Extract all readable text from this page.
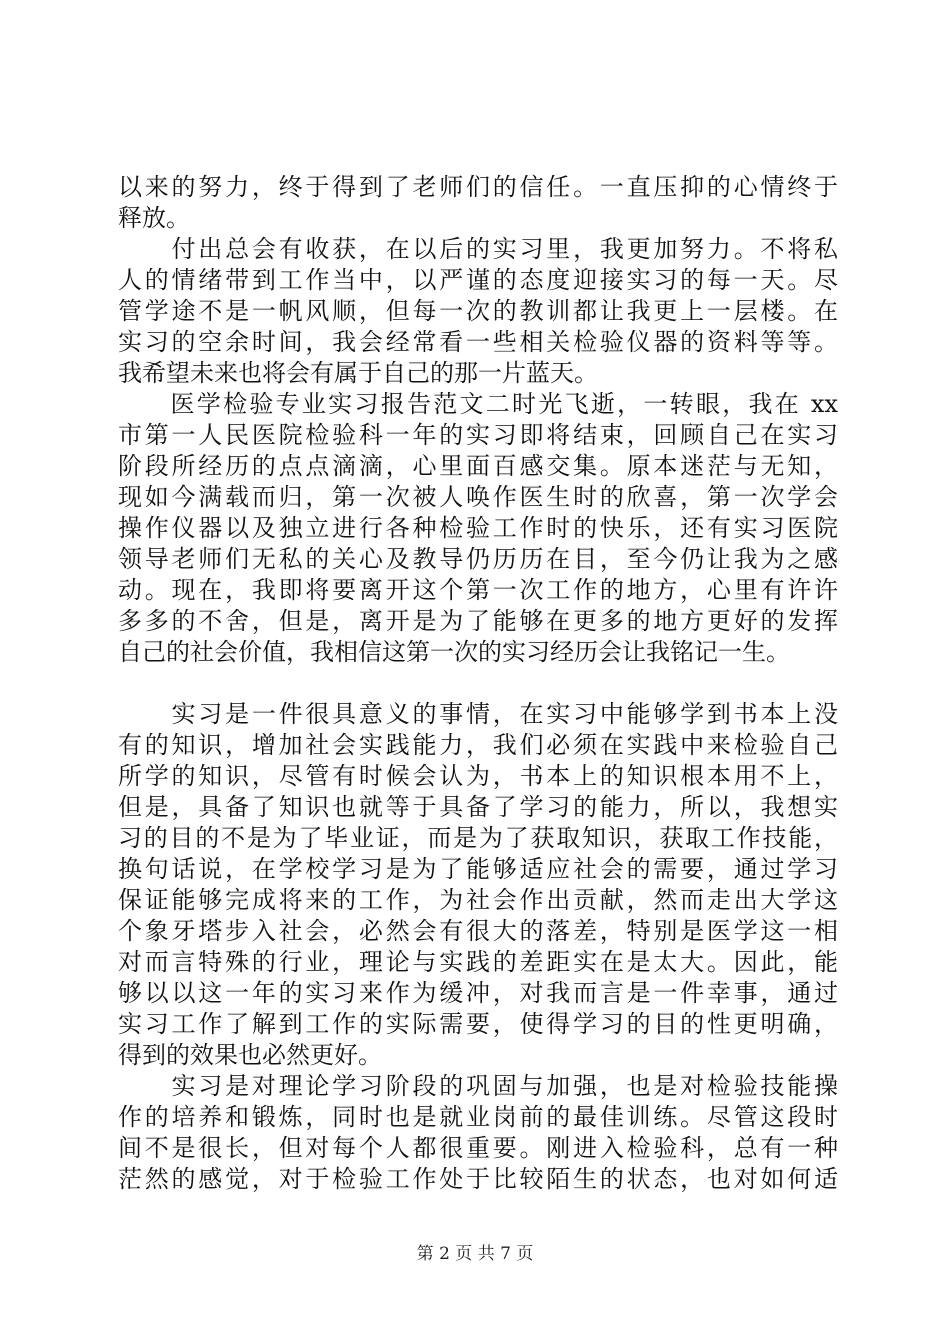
以来的努力，终于得到了老师们的信任。一直压抑的心情终于
释放。
　　付出总会有收获，在以后的实习里，我更加努力。不将私
人的情绪带到工作当中，以严谨的态度迎接实习的每一天。尽
管学途不是一帆风顺，但每一次的教训都让我更上一层楼。在
实习的空余时间，我会经常看一些相关检验仪器的资料等等。
我希望未来也将会有属于自己的那一片蓝天。
　　医学检验专业实习报告范文二时光飞逝，一转眼，我在 xx
市第一人民医院检验科一年的实习即将结束，回顾自己在实习
阶段所经历的点点滴滴，心里面百感交集。原本迷茫与无知，
现如今满载而归，第一次被人唤作医生时的欣喜，第一次学会
操作仪器以及独立进行各种检验工作时的快乐，还有实习医院
领导老师们无私的关心及教导仍历历在目，至今仍让我为之感
动。现在，我即将要离开这个第一次工作的地方，心里有许许
多多的不舍，但是，离开是为了能够在更多的地方更好的发挥
自己的社会价值，我相信这第一次的实习经历会让我铭记一生。
　　实习是一件很具意义的事情，在实习中能够学到书本上没
有的知识，增加社会实践能力，我们必须在实践中来检验自己
所学的知识，尽管有时候会认为，书本上的知识根本用不上，
但是，具备了知识也就等于具备了学习的能力，所以，我想实
习的目的不是为了毕业证，而是为了获取知识，获取工作技能，
换句话说，在学校学习是为了能够适应社会的需要，通过学习
保证能够完成将来的工作，为社会作出贡献，然而走出大学这
个象牙塔步入社会，必然会有很大的落差，特别是医学这一相
对而言特殊的行业，理论与实践的差距实在是太大。因此，能
够以以这一年的实习来作为缓冲，对我而言是一件幸事，通过
实习工作了解到工作的实际需要，使得学习的目的性更明确，
得到的效果也必然更好。
　　实习是对理论学习阶段的巩固与加强，也是对检验技能操
作的培养和锻炼，同时也是就业岗前的最佳训练。尽管这段时
间不是很长，但对每个人都很重要。刚进入检验科，总有一种
茫然的感觉，对于检验工作处于比较陌生的状态，也对如何适
第 2 页 共 7 页
